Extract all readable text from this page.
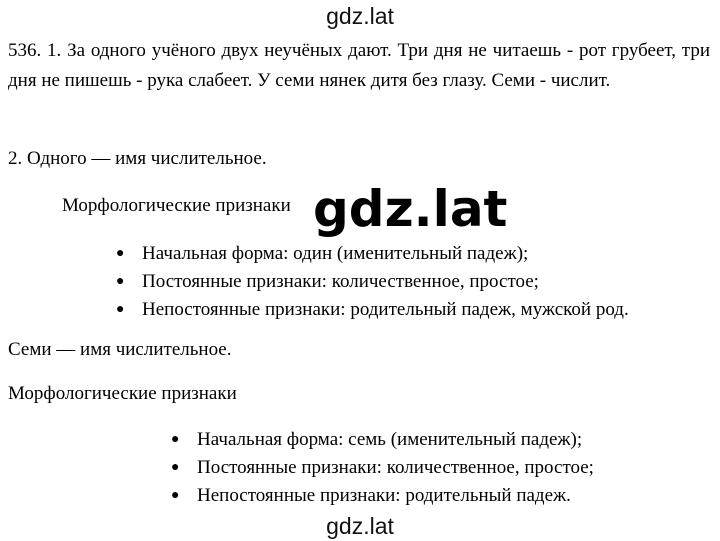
gdz.lat
536. 1. За одного учёного двух неучёных дают. Три дня не читаешь - рот грубеет, три дня не пишешь - рука слабеет. У семи нянек дитя без глазу. Семи - числит.
2. Одного — имя числительное.
Морфологические признаки
● Начальная форма: один (именительный падеж);
● Постоянные признаки: количественное, простое;
● Непостоянные признаки: родительный падеж, мужской род.
gdz.lat
Семи — имя числительное.
Морфологические признаки
● Начальная форма: семь (именительный падеж);
● Постоянные признаки: количественное, простое;
● Непостоянные признаки: родительный падеж.
gdz.lat
